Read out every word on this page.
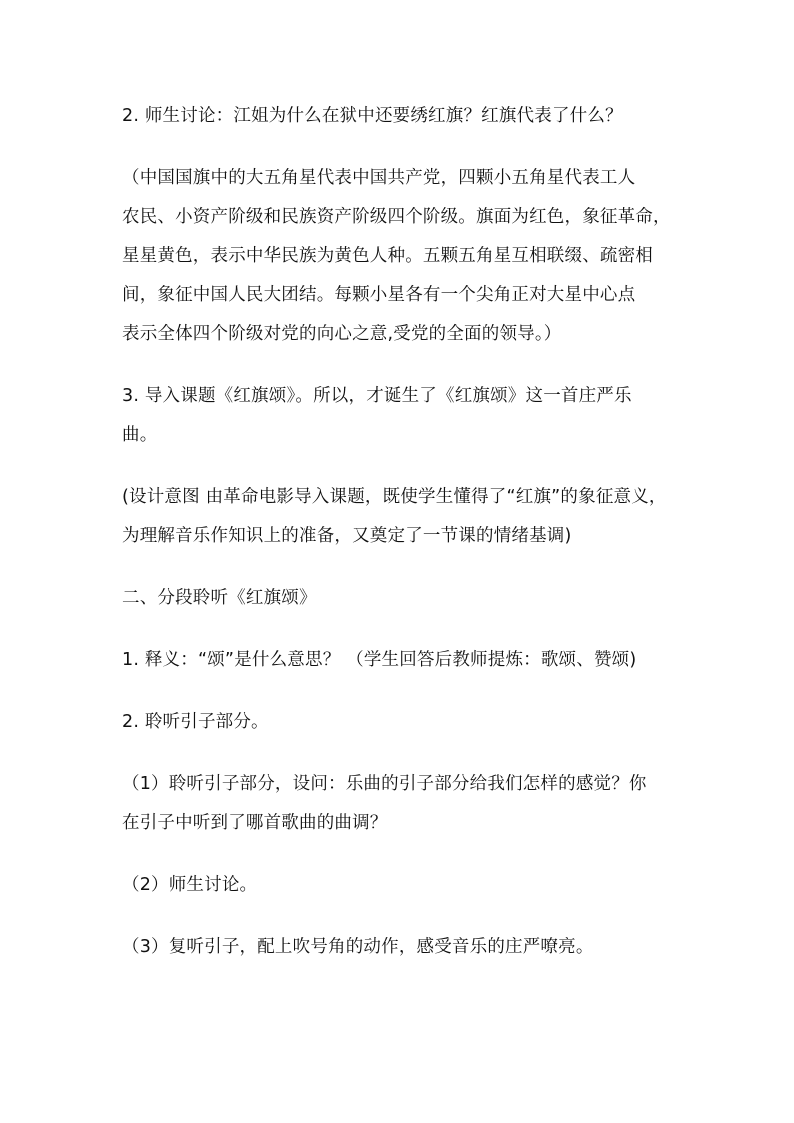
2. 师生讨论：江姐为什么在狱中还要绣红旗？红旗代表了什么？
（中国国旗中的大五角星代表中国共产党，四颗小五角星代表工人
农民、小资产阶级和民族资产阶级四个阶级。旗面为红色，象征革命，
星星黄色，表示中华民族为黄色人种。五颗五角星互相联缀、疏密相
间，象征中国人民大团结。每颗小星各有一个尖角正对大星中心点
表示全体四个阶级对党的向心之意,受党的全面的领导。）
3. 导入课题《红旗颂》。所以，才诞生了《红旗颂》这一首庄严乐
曲。
(设计意图 由革命电影导入课题，既使学生懂得了“红旗”的象征意义，
为理解音乐作知识上的准备，又奠定了一节课的情绪基调)
二、分段聆听《红旗颂》
1. 释义：“颂”是什么意思？ （学生回答后教师提炼：歌颂、赞颂)
2. 聆听引子部分。
（1）聆听引子部分，设问：乐曲的引子部分给我们怎样的感觉？你
在引子中听到了哪首歌曲的曲调？
（2）师生讨论。
（3）复听引子，配上吹号角的动作，感受音乐的庄严嘹亮。
